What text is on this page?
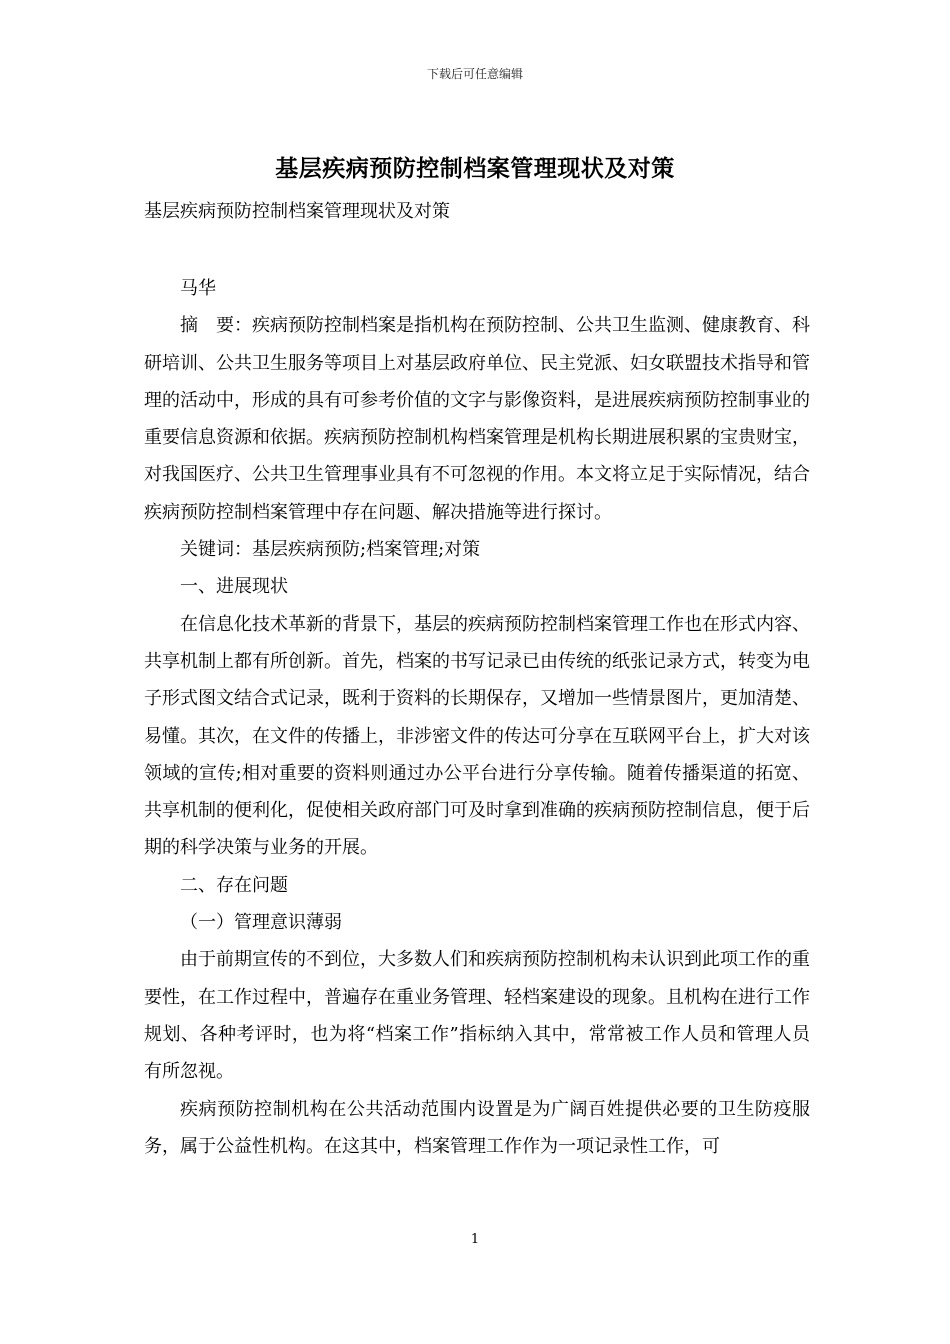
下载后可任意编辑
基层疾病预防控制档案管理现状及对策
基层疾病预防控制档案管理现状及对策

马华

摘　要：疾病预防控制档案是指机构在预防控制、公共卫生监测、健康教育、科研培训、公共卫生服务等项目上对基层政府单位、民主党派、妇女联盟技术指导和管理的活动中，形成的具有可参考价值的文字与影像资料，是进展疾病预防控制事业的重要信息资源和依据。疾病预防控制机构档案管理是机构长期进展积累的宝贵财宝，对我国医疗、公共卫生管理事业具有不可忽视的作用。本文将立足于实际情况，结合疾病预防控制档案管理中存在问题、解决措施等进行探讨。

关键词：基层疾病预防;档案管理;对策

一、进展现状

在信息化技术革新的背景下，基层的疾病预防控制档案管理工作也在形式内容、共享机制上都有所创新。首先，档案的书写记录已由传统的纸张记录方式，转变为电子形式图文结合式记录，既利于资料的长期保存，又增加一些情景图片，更加清楚、易懂。其次，在文件的传播上，非涉密文件的传达可分享在互联网平台上，扩大对该领域的宣传;相对重要的资料则通过办公平台进行分享传输。随着传播渠道的拓宽、共享机制的便利化，促使相关政府部门可及时拿到准确的疾病预防控制信息，便于后期的科学决策与业务的开展。

二、存在问题

（一）管理意识薄弱

由于前期宣传的不到位，大多数人们和疾病预防控制机构未认识到此项工作的重要性，在工作过程中，普遍存在重业务管理、轻档案建设的现象。且机构在进行工作规划、各种考评时，也为将“档案工作”指标纳入其中，常常被工作人员和管理人员有所忽视。

疾病预防控制机构在公共活动范围内设置是为广阔百姓提供必要的卫生防疫服务，属于公益性机构。在这其中，档案管理工作作为一项记录性工作，可

1
